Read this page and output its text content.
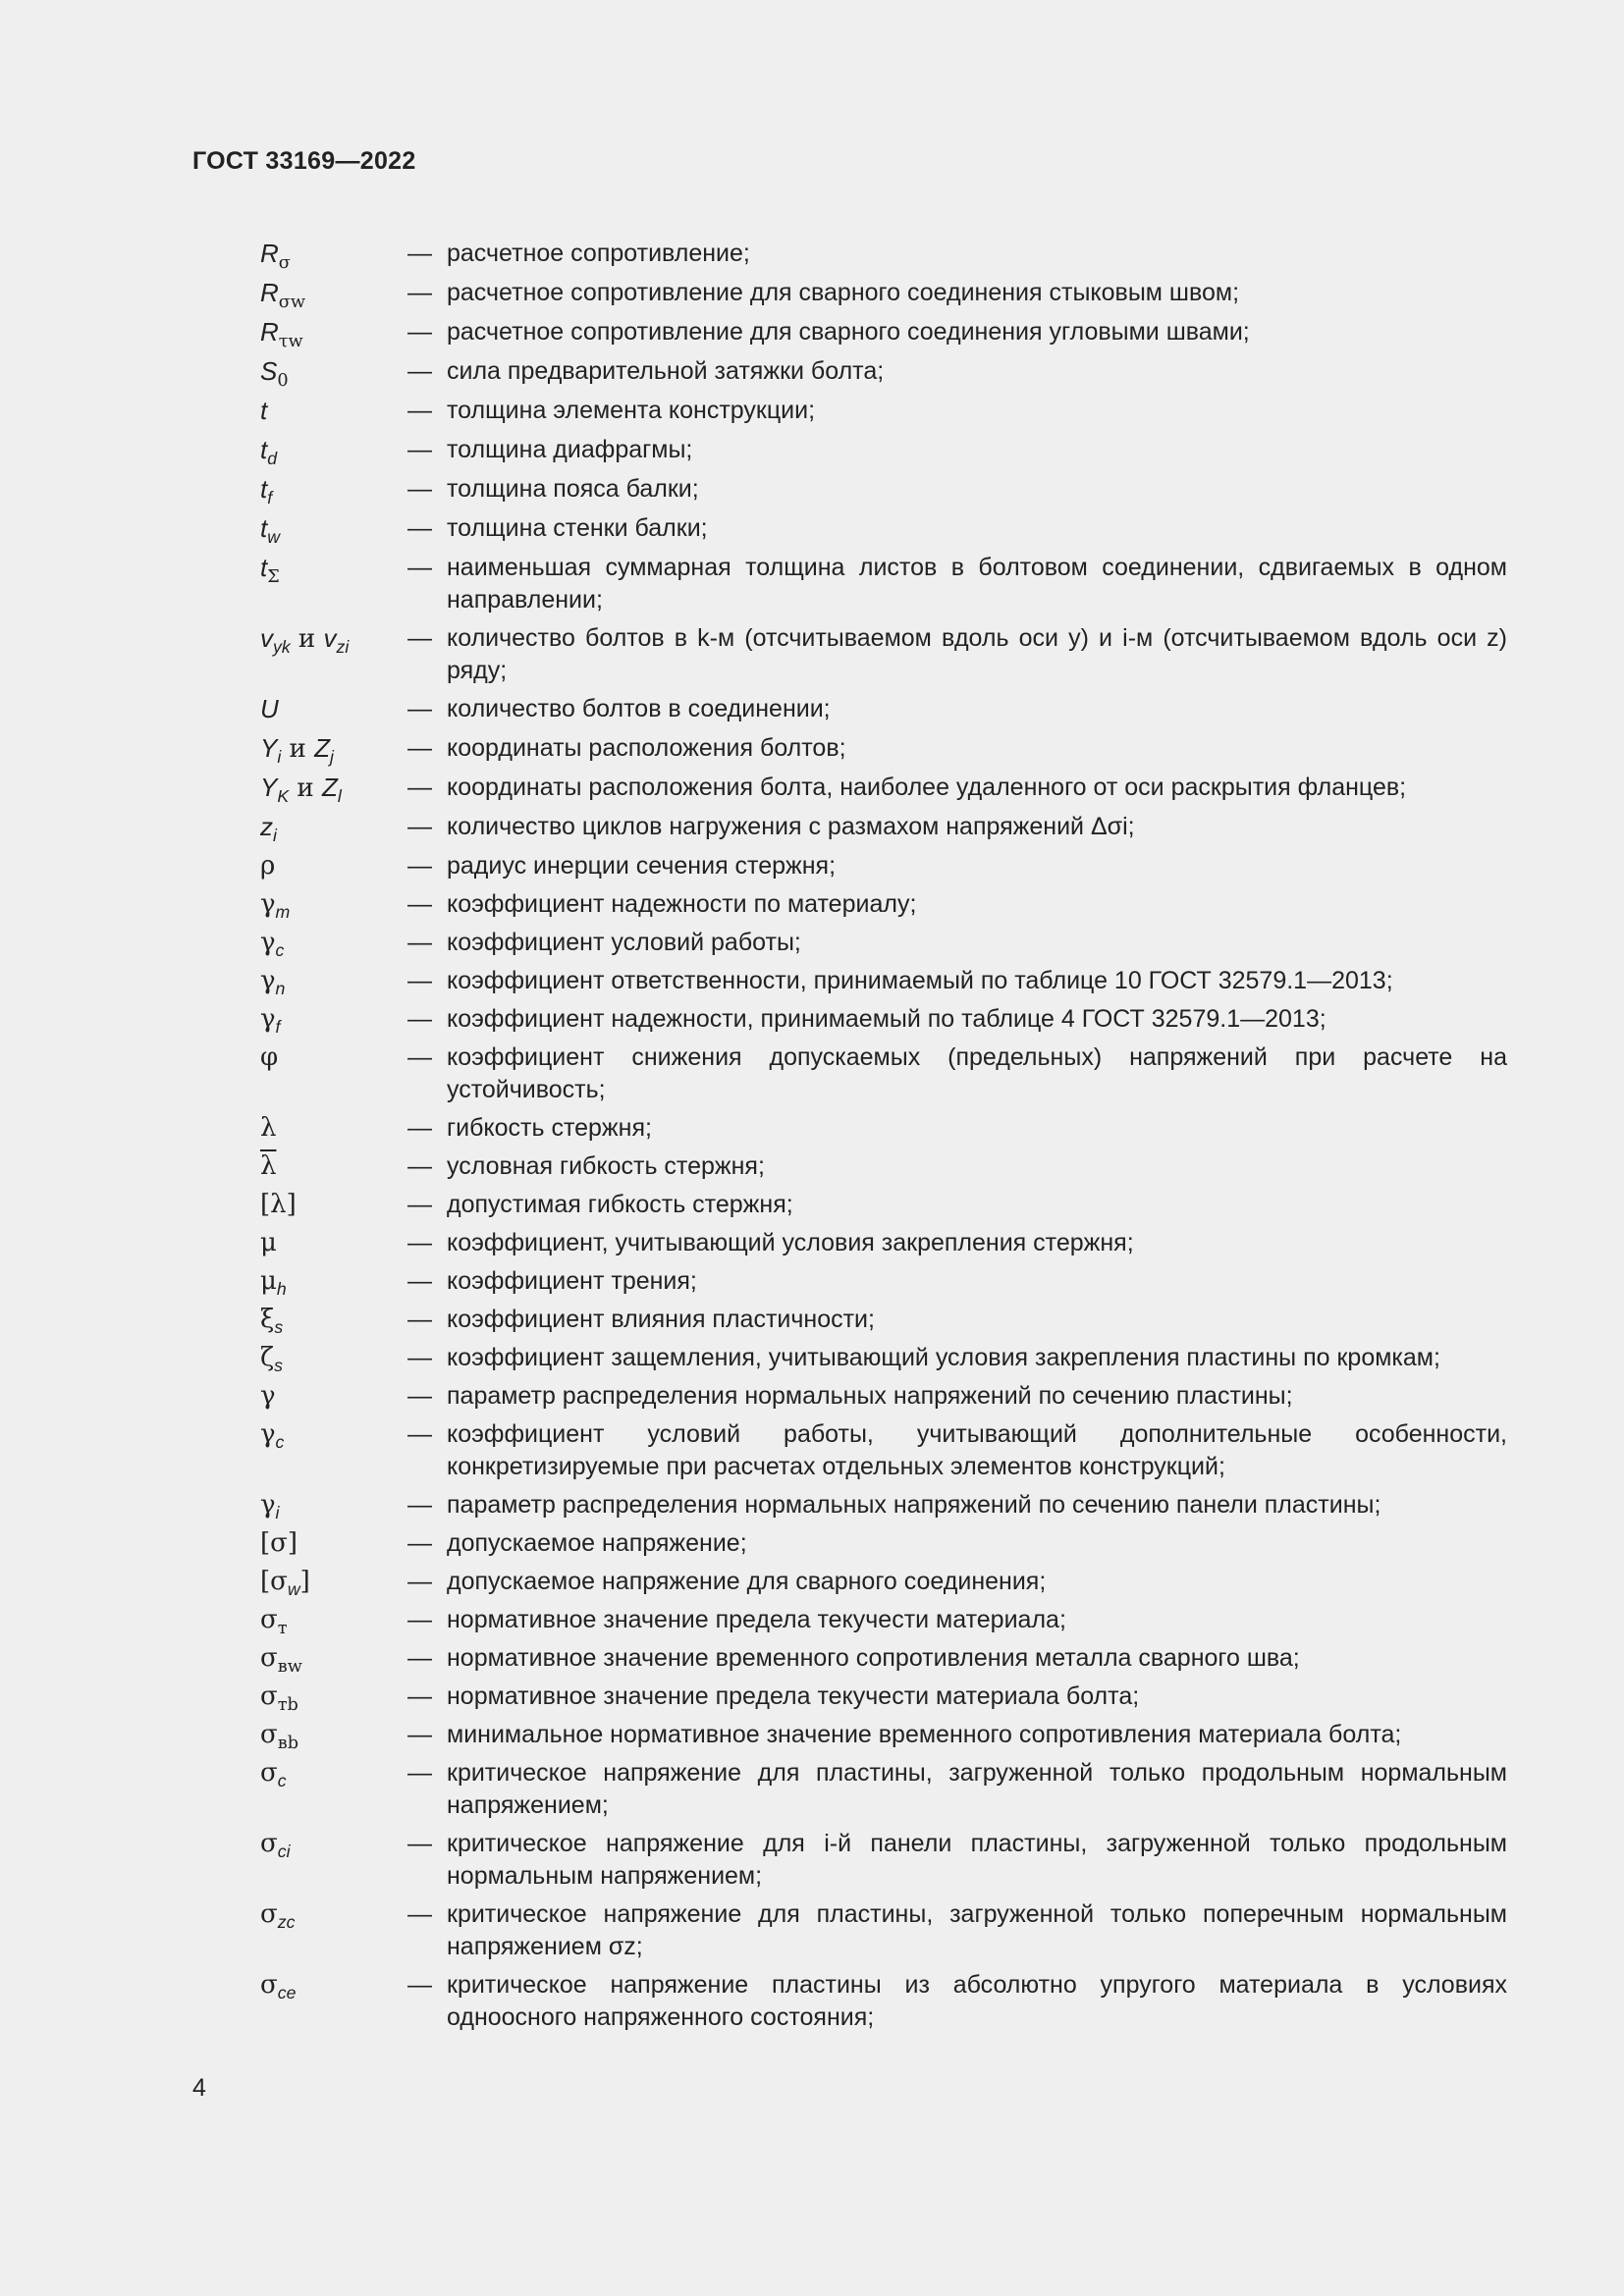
ГОСТ 33169—2022
$R_\sigma$	— расчетное сопротивление;
$R_{\sigma w}$	— расчетное сопротивление для сварного соединения стыковым швом;
$R_{\tau w}$	— расчетное сопротивление для сварного соединения угловыми швами;
$S_0$	— сила предварительной затяжки болта;
t	— толщина элемента конструкции;
$t_d$	— толщина диафрагмы;
$t_f$	— толщина пояса балки;
$t_w$	— толщина стенки балки;
$t_\Sigma$	— наименьшая суммарная толщина листов в болтовом соединении, сдвигаемых в одном направлении;
$v_{yk}$ и $v_{zi}$	— количество болтов в k-м (отсчитываемом вдоль оси y) и i-м (отсчитываемом вдоль оси z) ряду;
U	— количество болтов в соединении;
$Y_i$ и $Z_j$	— координаты расположения болтов;
$Y_K$ и $Z_l$	— координаты расположения болта, наиболее удаленного от оси раскрытия фланцев;
$z_i$	— количество циклов нагружения с размахом напряжений Δσi;
ρ	— радиус инерции сечения стержня;
$\gamma_m$	— коэффициент надежности по материалу;
$\gamma_c$	— коэффициент условий работы;
$\gamma_n$	— коэффициент ответственности, принимаемый по таблице 10 ГОСТ 32579.1—2013;
$\gamma_f$	— коэффициент надежности, принимаемый по таблице 4 ГОСТ 32579.1—2013;
φ	— коэффициент снижения допускаемых (предельных) напряжений при расчете на устойчивость;
λ	— гибкость стержня;
$\overline{\lambda}$	— условная гибкость стержня;
[λ]	— допустимая гибкость стержня;
μ	— коэффициент, учитывающий условия закрепления стержня;
$\mu_h$	— коэффициент трения;
$\xi_s$	— коэффициент влияния пластичности;
$\zeta_s$	— коэффициент защемления, учитывающий условия закрепления пластины по кромкам;
γ	— параметр распределения нормальных напряжений по сечению пластины;
$\gamma_c$	— коэффициент условий работы, учитывающий дополнительные особенности, конкретизируемые при расчетах отдельных элементов конструкций;
$\gamma_i$	— параметр распределения нормальных напряжений по сечению панели пластины;
[σ]	— допускаемое напряжение;
$[\sigma_w]$	— допускаемое напряжение для сварного соединения;
$\sigma_т$	— нормативное значение предела текучести материала;
$\sigma_{вw}$	— нормативное значение временного сопротивления металла сварного шва;
$\sigma_{тb}$	— нормативное значение предела текучести материала болта;
$\sigma_{вb}$	— минимальное нормативное значение временного сопротивления материала болта;
$\sigma_c$	— критическое напряжение для пластины, загруженной только продольным нормальным напряжением;
$\sigma_{ci}$	— критическое напряжение для i-й панели пластины, загруженной только продольным нормальным напряжением;
$\sigma_{zc}$	— критическое напряжение для пластины, загруженной только поперечным нормальным напряжением σz;
$\sigma_{ce}$	— критическое напряжение пластины из абсолютно упругого материала в условиях одноосного напряженного состояния;
4
